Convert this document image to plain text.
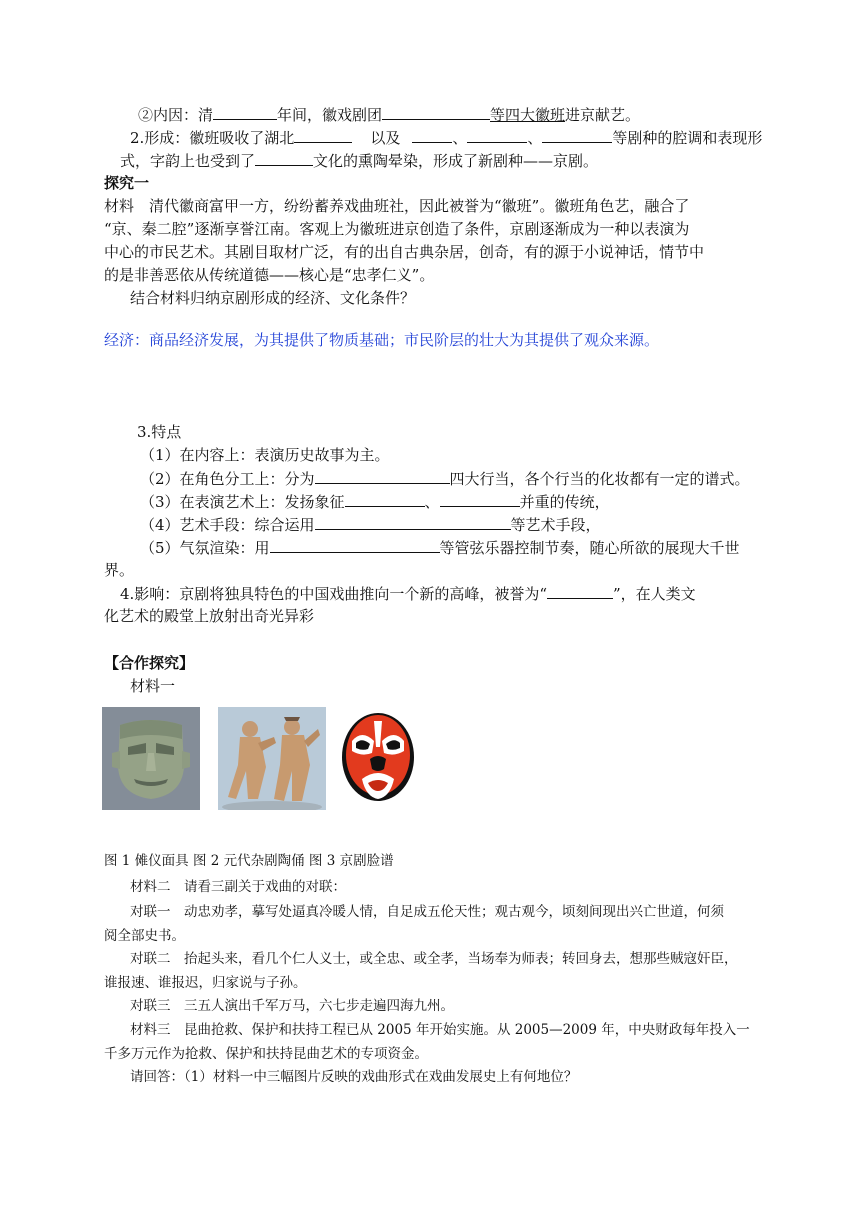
②内因：清	年间，徽戏剧团	等四大徽班进京献艺。
2.形成：徽班吸收了湖北	以及	、	、	等剧种的腔调和表现形
式，字韵上也受到了	文化的熏陶晕染，形成了新剧种——京剧。
探究一
材料　清代徽商富甲一方，纷纷蓄养戏曲班社，因此被誉为“徽班”。徽班角色艺，融合了
“京、秦二腔”逐渐享誉江南。客观上为徽班进京创造了条件，京剧逐渐成为一种以表演为
中心的市民艺术。其剧目取材广泛，有的出自古典杂居，创奇，有的源于小说神话，情节中
的是非善恶依从传统道德——核心是“忠孝仁义”。
结合材料归纳京剧形成的经济、文化条件？
经济：商品经济发展，为其提供了物质基础；市民阶层的壮大为其提供了观众来源。
3.特点
（1）在内容上：表演历史故事为主。
（2）在角色分工上：分为	四大行当，各个行当的化妆都有一定的谱式。
（3）在表演艺术上：发扬象征	、	并重的传统，
（4）艺术手段：综合运用	等艺术手段，
（5）气氛渲染：用	等管弦乐器控制节奏，随心所欲的展现大千世
界。
4.影响：京剧将独具特色的中国戏曲推向一个新的高峰，被誉为“	”，在人类文
化艺术的殿堂上放射出奇光异彩
【合作探究】
材料一
图 1 傩仪面具 图 2 元代杂剧陶俑 图 3 京剧脸谱
材料二　请看三副关于戏曲的对联：
对联一　动忠劝孝，摹写处逼真冷暖人情，自足成五伦天性；观古观今，顷刻间现出兴亡世道，何须
阅全部史书。
对联二　抬起头来，看几个仁人义士，或全忠、或全孝，当场奉为师表；转回身去，想那些贼寇奸臣，
谁报速、谁报迟，归家说与子孙。
对联三　三五人演出千军万马，六七步走遍四海九州。
材料三　昆曲抢救、保护和扶持工程已从 2005 年开始实施。从 2005—2009 年，中央财政每年投入一
千多万元作为抢救、保护和扶持昆曲艺术的专项资金。
请回答：（1）材料一中三幅图片反映的戏曲形式在戏曲发展史上有何地位？
